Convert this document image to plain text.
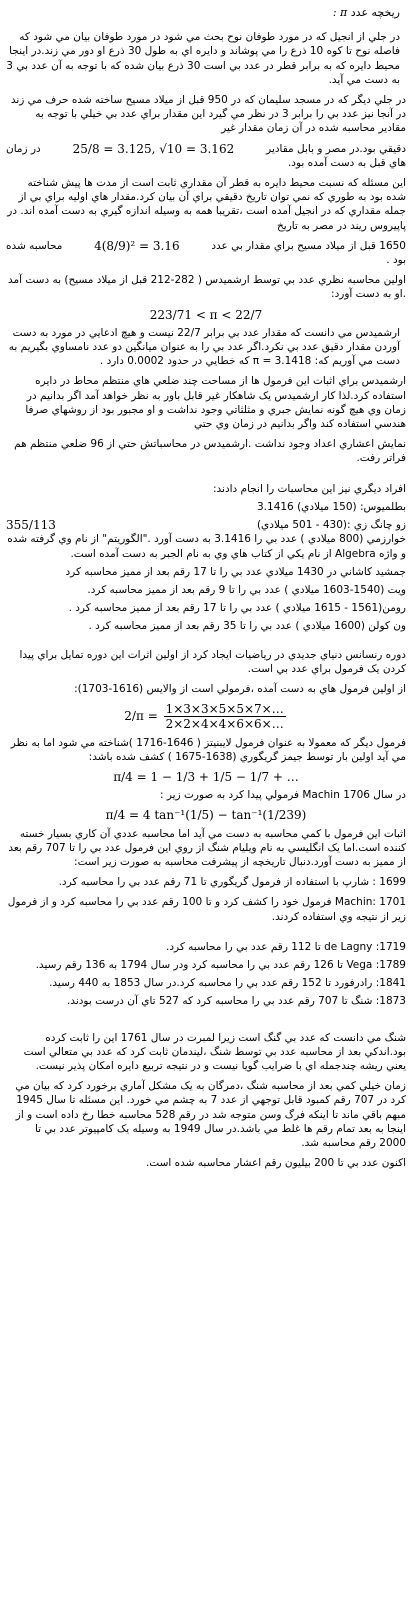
ریخچه عدد π :

در جلي از انجيل که در مورد طوفان نوح بحث مي شود در مورد طوفان بيان مي شود که فاصله نوح تا کوه 10 ذرع را مي پوشاند و دايره اي به طول 30 ذرع او دور مي زند.در اينجا محيط دايره که به برابر قطر در عدد بي است 30 ذرع بيان شده که با توجه به آن عدد بي 3 به دست مي آيد.

در جلي ديگر که در مسجد سليمان که در 950 قبل از ميلاد مسيح ساخته شده حرف مي زند در آنجا نيز عدد بي را برابر 3 در نظر مي گيرد اين مقدار براي عدد بي خيلي با توجه به مقادير محاسبه شده در آن زمان مقدار غير

دقيقي بود.در مصر و بابل مقادير
25/8 = 3.125, √10 = 3.162
در زمان

هاي قبل به دست آمده بود.

اين مسئله که نسبت محيط دايره به قطر آن مقداري ثابت است از مدت ها پيش شناخته شده بود به طوري که نمي توان تاريخ دقيقي براي آن بيان کرد.مقدار هاي اوليه براي بي از جمله مقداري که در انجيل آمده است ،تقريبا همه به وسيله اندازه گيري به دست آمده اند. در پاپيروس ريند در مصر به تاريخ

1650 قبل از ميلاد مسيح براي مقدار بي عدد
4(8/9)² = 3.16
محاسبه شده

بود .

اولين محاسبه نظري عدد بي توسط ارشميدس ( 282-212 قبل از ميلاد مسيح) به دست آمد .او به دست آورد:

223/71 < π < 22/7

ارشميدس مي دانست که مقدار عدد بي برابر 22/7 نيست و هيچ ادعايي در مورد به دست آوردن مقدار دقيق عدد بي نکرد.اگر عدد بي را به عنوان ميانگين دو عدد نامساوي بگيريم به دست مي آوريم که: π = 3.1418 که خطايي در حدود 0.0002 دارد .

ارشميدس براي اثبات اين فرمول ها از مساحت چند ضلعي هاي منتظم محاط در دايره استفاده کرد.لذا کار ارشميدس يک شاهکار غير قابل باور به نظر خواهد آمد اگر بدانيم در زمان وي هيچ گونه نمايش جبري و مثلثاتي وجود نداشت و او مجبور بود از روشهاي صرفا هندسي استفاده کند واگر بدانيم در زمان وي حتي

نمايش اعشاري اعداد وجود نداشت .ارشميدس در محاسباتش حتي از 96 ضلعي منتظم هم فراتر رفت.

افراد ديگري نيز اين محاسبات را انجام دادند:

بطلميوس: (150 ميلادي) 3.1416

زو چانگ زي :(430 - 501 ميلادي)
355/113

خوارزمي (800 ميلادي ) عدد بي را 3.1416 به دست آورد ."الگوريتم" از نام وي گرفته شده و واژه Algebra از نام يکي از کتاب هاي وي به نام الجبر به دست آمده است.

جمشيد کاشاني در 1430 ميلادي عدد بي را تا 17 رقم بعد از مميز محاسبه کرد

ويت (1540-1603 ميلادي ) عدد بي را تا 9 رقم بعد از مميز محاسبه کرد.

رومن(1561 - 1615 ميلادي ) عدد بي را تا 17 رقم بعد از مميز محاسبه کرد .

ون کولن (1600 ميلادي ) عدد بي را تا 35 رقم بعد از مميز محاسبه کرد .

دوره رنسانس دنياي جديدي در رياضيات ايجاد کرد از اولين اثرات اين دوره تمايل براي پيدا کردن يک فرمول براي عدد بي است.

از اولين فرمول هاي به دست آمده ،فرمولي است از والايس (1616-1703):

$2/\pi = \frac{1\times 3\times 3\times 5\times 5\times 7\times\dots}{2\times 2\times 4\times 4\times 6\times 6\times\dots}$

فرمول ديگر که معمولا به عنوان فرمول لايبنيتز ( 1646-1716 )شناخته مي شود اما به نظر مي آيد اولين بار توسط جيمز گريگوري (1638-1675 ) کشف شده باشد:

π/4 = 1 − 1/3 + 1/5 − 1/7 + …

در سال 1706 Machin فرمولي پيدا کرد به صورت زير :

π/4 = 4 tan⁻¹(1/5) − tan⁻¹(1/239)

اثبات اين فرمول با کمي محاسبه به دست مي آيد اما محاسبه عددي آن کاري بسيار خسته کننده است.اما يک انگليسي به نام ويليام شنگ از روي اين فرمول عدد بي را تا 707 رقم بعد از مميز به دست آورد.دنبال تاريخچه از پيشرفت محاسبه به صورت زير است:

1699 : شارپ با استفاده از فرمول گريگوري تا 71 رقم عدد بي را محاسبه کرد.

Machin: 1701 فرمول خود را کشف کرد و تا 100 رقم عدد بي را محاسبه کرد و از فرمول زير از نتيجه وي استفاده کردند.

1719: de Lagny تا 112 رقم عدد بي را محاسبه کرد.

1789: Vega تا 126 رقم عدد بي را محاسبه کرد ودر سال 1794 به 136 رقم رسيد.

1841: رادرفورد تا 152 رقم عدد بي را محاسبه کرد.در سال 1853 به 440 رسيد.

1873: شنگ تا 707 رقم عدد بي را محاسبه کرد که 527 تاي آن درست بودند.

شنگ مي دانست که عدد بي گنگ است زيرا لمبرت در سال 1761 اين را ثابت کرده بود.اندکي بعد از محاسبه عدد بي توسط شنگ ،ليندمان ثابت کرد که عدد بي متعالي است يعني ريشه چندجمله اي با ضرايب گويا نيست و در نتيجه تربيع دايره امکان پذير نيست.

زمان خيلي کمي بعد از محاسبه شنگ ،دمرگان به يک مشکل آماري برخورد کرد که بيان مي کرد در 707 رقم کمبود قابل توجهي از عدد 7 به چشم مي خورد. اين مسئله تا سال 1945 مبهم باقي ماند تا اينکه فرگ وسن متوجه شد در رقم 528 محاسبه خطا رخ داده است و از اينجا به بعد تمام رقم ها غلط مي باشد.در سال 1949 به وسيله يک کامپيوتر عدد بي تا 2000 رقم محاسبه شد.

اکنون عدد بي تا 200 بيليون رقم اعشار محاسبه شده است.
